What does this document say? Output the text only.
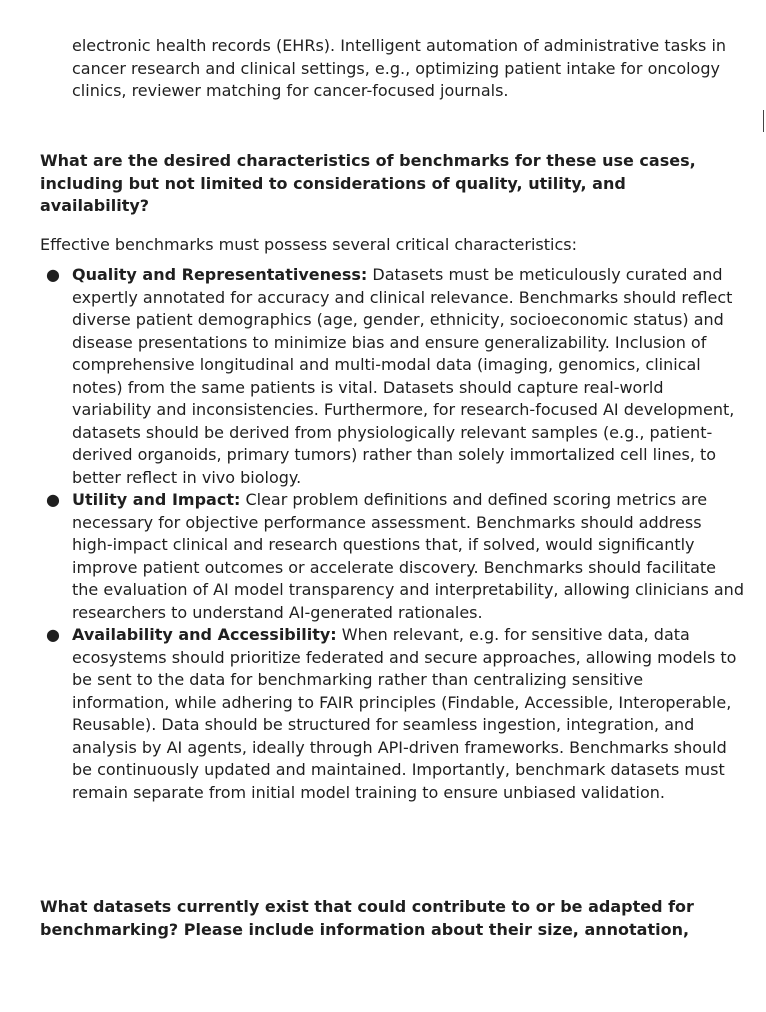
electronic health records (EHRs). Intelligent automation of administrative tasks in cancer research and clinical settings, e.g., optimizing patient intake for oncology clinics, reviewer matching for cancer-focused journals.
What are the desired characteristics of benchmarks for these use cases, including but not limited to considerations of quality, utility, and availability?
Effective benchmarks must possess several critical characteristics:
● Quality and Representativeness: Datasets must be meticulously curated and expertly annotated for accuracy and clinical relevance. Benchmarks should reflect diverse patient demographics (age, gender, ethnicity, socioeconomic status) and disease presentations to minimize bias and ensure generalizability. Inclusion of comprehensive longitudinal and multi-modal data (imaging, genomics, clinical notes) from the same patients is vital. Datasets should capture real-world variability and inconsistencies. Furthermore, for research-focused AI development, datasets should be derived from physiologically relevant samples (e.g., patient-derived organoids, primary tumors) rather than solely immortalized cell lines, to better reflect in vivo biology.
● Utility and Impact: Clear problem definitions and defined scoring metrics are necessary for objective performance assessment. Benchmarks should address high-impact clinical and research questions that, if solved, would significantly improve patient outcomes or accelerate discovery. Benchmarks should facilitate the evaluation of AI model transparency and interpretability, allowing clinicians and researchers to understand AI-generated rationales.
● Availability and Accessibility: When relevant, e.g. for sensitive data, data ecosystems should prioritize federated and secure approaches, allowing models to be sent to the data for benchmarking rather than centralizing sensitive information, while adhering to FAIR principles (Findable, Accessible, Interoperable, Reusable). Data should be structured for seamless ingestion, integration, and analysis by AI agents, ideally through API-driven frameworks. Benchmarks should be continuously updated and maintained. Importantly, benchmark datasets must remain separate from initial model training to ensure unbiased validation.
What datasets currently exist that could contribute to or be adapted for benchmarking? Please include information about their size, annotation,
